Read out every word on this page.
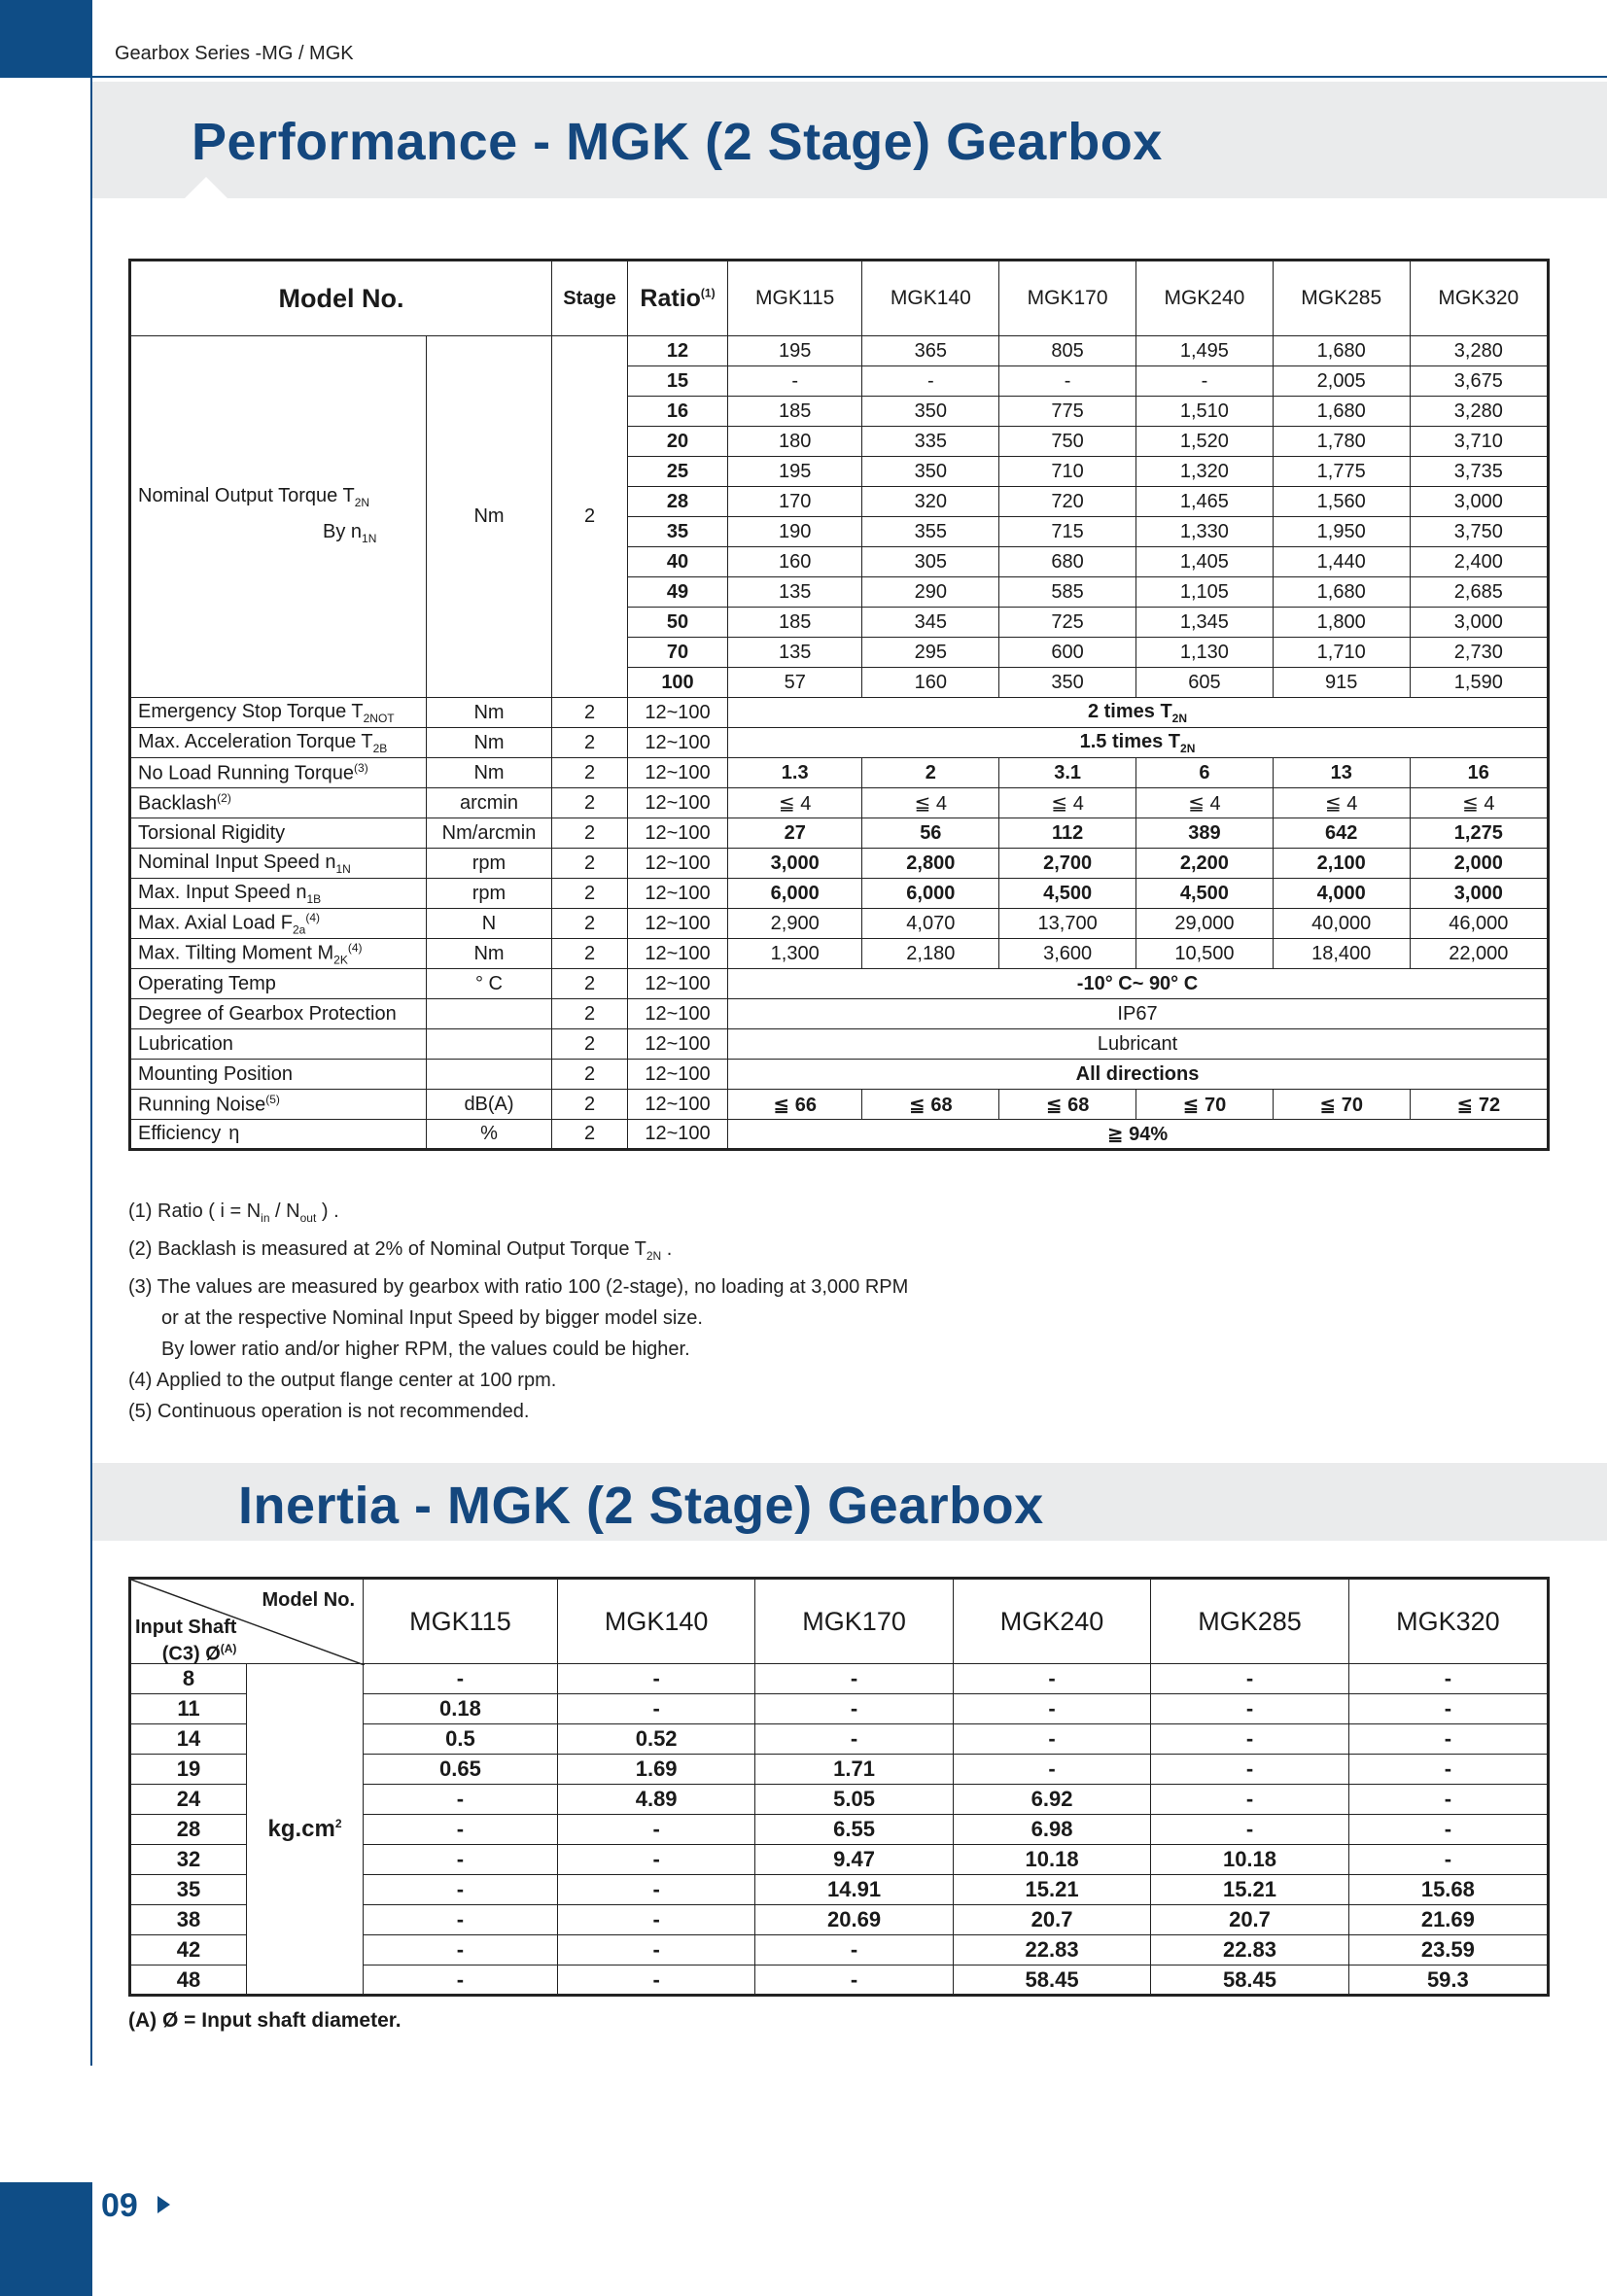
Gearbox Series -MG / MGK
Performance - MGK (2 Stage) Gearbox
Model No.		Stage	Ratio$^{(1)}$	MGK115	MGK140	MGK170	MGK240	MGK285	MGK320

Nominal Output Torque $T_{2N}$
By $n_{1N}$	Nm	2	12	195	365	805	1,495	1,680	3,280
			15	-	-	-	-	2,005	3,675
			16	185	350	775	1,510	1,680	3,280
			20	180	335	750	1,520	1,780	3,710
			25	195	350	710	1,320	1,775	3,735
			28	170	320	720	1,465	1,560	3,000
			35	190	355	715	1,330	1,950	3,750
			40	160	305	680	1,405	1,440	2,400
			49	135	290	585	1,105	1,680	2,685
			50	185	345	725	1,345	1,800	3,000
			70	135	295	600	1,130	1,710	2,730
			100	57	160	350	605	915	1,590
Emergency Stop Torque $T_{2NOT}$	Nm	2	12~100	2 times $T_{2N}$
Max. Acceleration Torque $T_{2B}$	Nm	2	12~100	1.5 times $T_{2N}$
No Load Running Torque$^{(3)}$	Nm	2	12~100	1.3	2	3.1	6	13	16
Backlash$^{(2)}$	arcmin	2	12~100	≦ 4	≦ 4	≦ 4	≦ 4	≦ 4	≦ 4
Torsional Rigidity	Nm/arcmin	2	12~100	27	56	112	389	642	1,275
Nominal Input Speed $n_{1N}$	rpm	2	12~100	3,000	2,800	2,700	2,200	2,100	2,000
Max. Input Speed $n_{1B}$	rpm	2	12~100	6,000	6,000	4,500	4,500	4,000	3,000
Max. Axial Load $F_{2a}^{(4)}$	N	2	12~100	2,900	4,070	13,700	29,000	40,000	46,000
Max. Tilting Moment $M_{2K}^{(4)}$	Nm	2	12~100	1,300	2,180	3,600	10,500	18,400	22,000
Operating Temp	° C	2	12~100	-10° C~ 90° C					
Degree of Gearbox Protection		2	12~100	IP67					
Lubrication		2	12~100	Lubricant					
Mounting Position		2	12~100	All directions					
Running Noise$^{(5)}$	dB(A)	2	12~100	≦ 66	≦ 68	≦ 68	≦ 70	≦ 70	≦ 72
Efficiency η	%	2	12~100	≧ 94%					
(1) Ratio ( $i = N_{in} / N_{out}$ ) .
(2) Backlash is measured at 2% of Nominal Output Torque $T_{2N}$ .
(3) The values are measured by gearbox with ratio 100 (2-stage), no loading at 3,000 RPM
or at the respective Nominal Input Speed by bigger model size.
By lower ratio and/or higher RPM, the values could be higher.
(4) Applied to the output flange center at 100 rpm.
(5) Continuous operation is not recommended.
Inertia - MGK (2 Stage) Gearbox
Model No.
Input Shaft
(C3) $Ø^{(A)}$		MGK115	MGK140	MGK170	MGK240	MGK285	MGK320
8	$kg.cm^2$	-	-	-	-	-	-
11		0.18	-	-	-	-	-
14		0.5	0.52	-	-	-	-
19		0.65	1.69	1.71	-	-	-
24		-	4.89	5.05	6.92	-	-
28		-	-	6.55	6.98	-	-
32		-	-	9.47	10.18	10.18	-
35		-	-	14.91	15.21	15.21	15.68
38		-	-	20.69	20.7	20.7	21.69
42		-	-	-	22.83	22.83	23.59
48		-	-	-	58.45	58.45	59.3
(A) Ø = Input shaft diameter.
09
